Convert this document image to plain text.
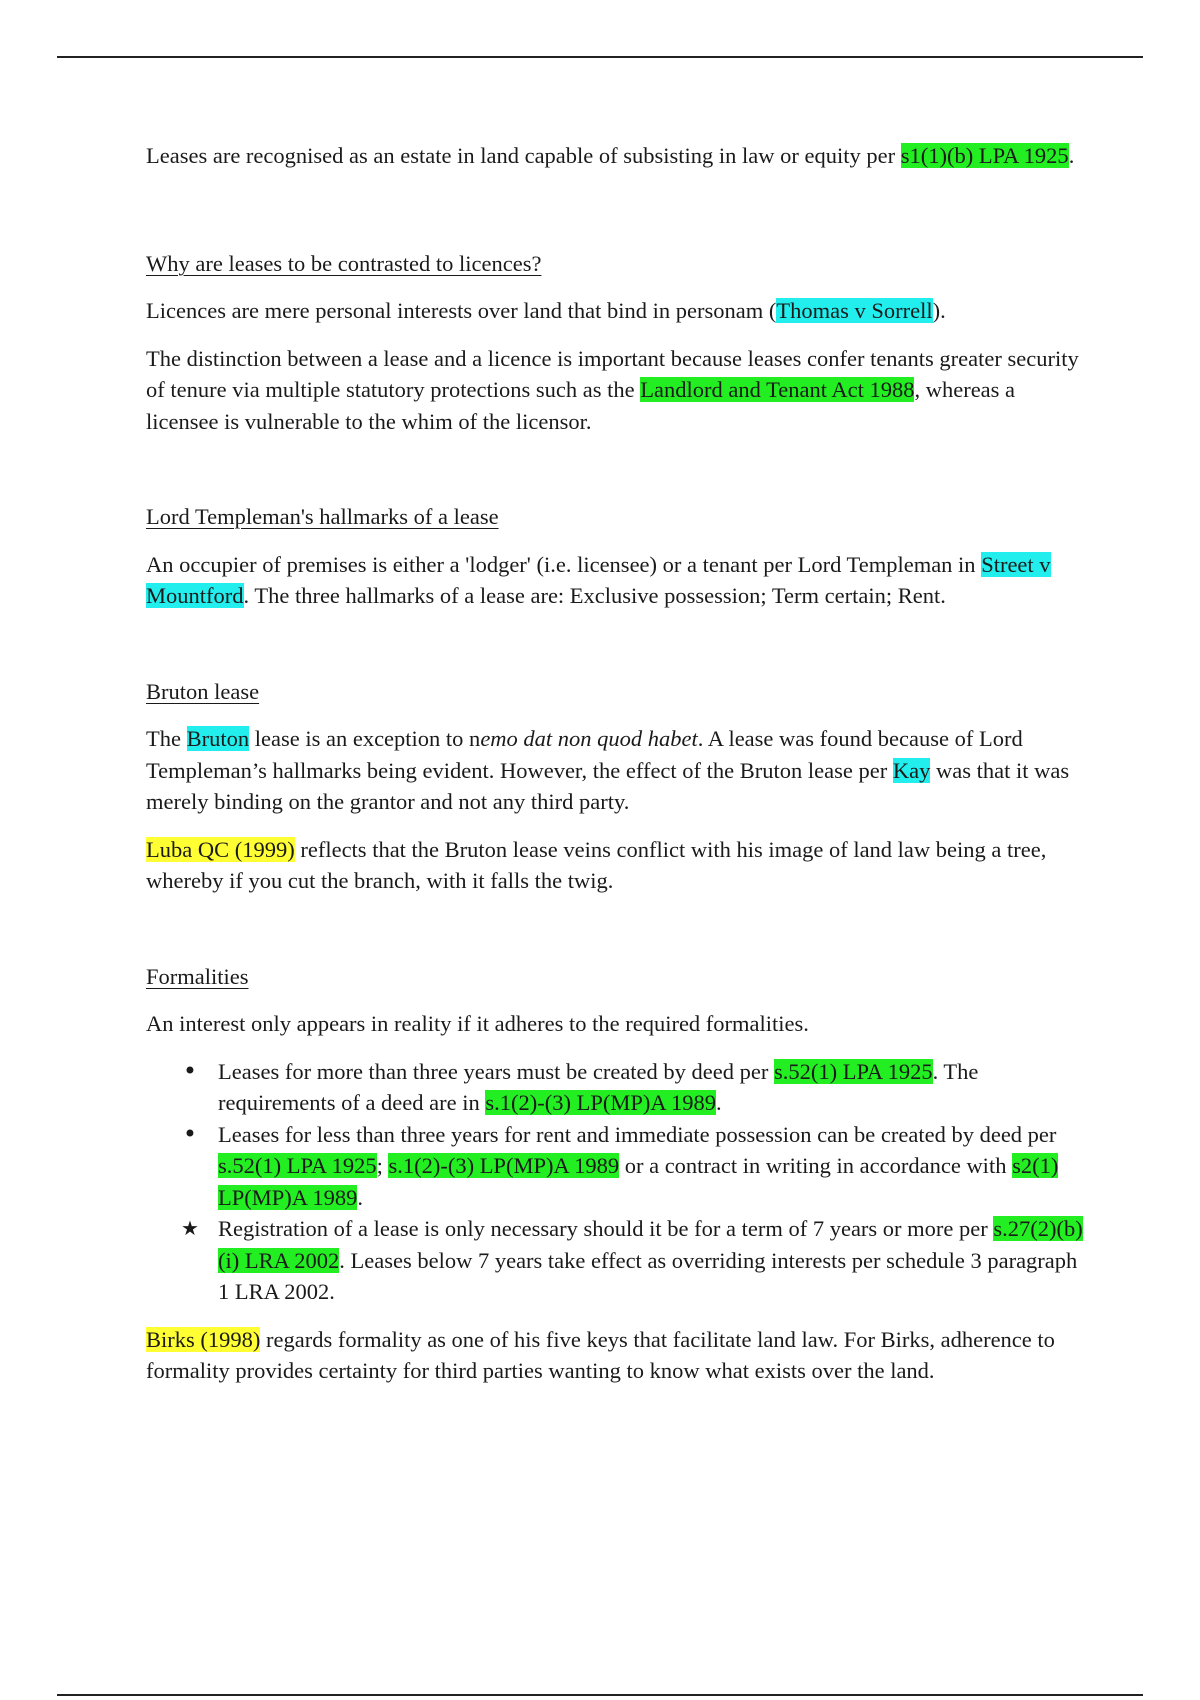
Leases are recognised as an estate in land capable of subsisting in law or equity per s1(1)(b) LPA 1925.

Why are leases to be contrasted to licences?

Licences are mere personal interests over land that bind in personam (Thomas v Sorrell).

The distinction between a lease and a licence is important because leases confer tenants greater security of tenure via multiple statutory protections such as the Landlord and Tenant Act 1988, whereas a licensee is vulnerable to the whim of the licensor.

Lord Templeman's hallmarks of a lease

An occupier of premises is either a 'lodger' (i.e. licensee) or a tenant per Lord Templeman in Street v Mountford. The three hallmarks of a lease are: Exclusive possession; Term certain; Rent.

Bruton lease

The Bruton lease is an exception to nemo dat non quod habet. A lease was found because of Lord Templeman’s hallmarks being evident. However, the effect of the Bruton lease per Kay was that it was merely binding on the grantor and not any third party.

Luba QC (1999) reflects that the Bruton lease veins conflict with his image of land law being a tree, whereby if you cut the branch, with it falls the twig.

Formalities

An interest only appears in reality if it adheres to the required formalities.

• Leases for more than three years must be created by deed per s.52(1) LPA 1925. The requirements of a deed are in s.1(2)-(3) LP(MP)A 1989.
• Leases for less than three years for rent and immediate possession can be created by deed per s.52(1) LPA 1925; s.1(2)-(3) LP(MP)A 1989 or a contract in writing in accordance with s2(1) LP(MP)A 1989.
★ Registration of a lease is only necessary should it be for a term of 7 years or more per s.27(2)(b)(i) LRA 2002. Leases below 7 years take effect as overriding interests per schedule 3 paragraph 1 LRA 2002.

Birks (1998) regards formality as one of his five keys that facilitate land law. For Birks, adherence to formality provides certainty for third parties wanting to know what exists over the land.
